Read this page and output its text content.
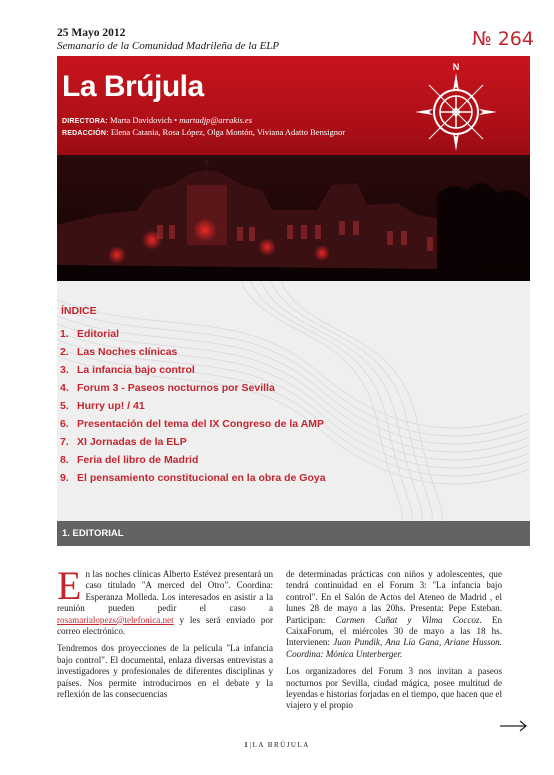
25 Mayo 2012
Semanario de la Comunidad Madrileña de la ELP	№ 264
La Brújula
DIRECTORA: Marta Davidovich • martadjp@arrakis.es
REDACCIÓN: Elena Catania, Rosa López, Olga Montón, Viviana Adatto Bensignor
N
ÍNDICE
1. Editorial
2. Las Noches clínicas
3. La infancia bajo control
4. Forum 3 - Paseos nocturnos por Sevilla
5. Hurry up! / 41
6. Presentación del tema del IX Congreso de la AMP
7. XI Jornadas de la ELP
8. Feria del libro de Madrid
9. El pensamiento constitucional en la obra de Goya
1. EDITORIAL

En las noches clínicas Alberto Estévez presentará un caso titulado "A merced del Otro". Coordina: Esperanza Molleda. Los interesados en asistir a la reunión pueden pedir el caso a rosamarialopezs@telefonica.net y les será enviado por correo electrónico.

Tendremos dos proyecciones de la película "La infancia bajo control". El documental, enlaza diversas entrevistas a investigadores y profesionales de diferentes disciplinas y países. Nos permite introducirnos en el debate y la reflexión de las consecuencias

de determinadas prácticas con niños y adolescentes, que tendrá continuidad en el Forum 3: "La infancia bajo control". En el Salón de Actos del Ateneo de Madrid , el lunes 28 de mayo a las 20hs. Presenta: Pepe Esteban. Participan: Carmen Cuñat y Vilma Coccoz. En CaixaForum, el miércoles 30 de mayo a las 18 hs. Intervienen: Juan Pundik, Ana Lía Gana, Ariane Husson. Coordina: Mónica Unterberger.

Los organizadores del Forum 3 nos invitan a paseos nocturnos por Sevilla, ciudad mágica, posee multitud de leyendas e historias forjadas en el tiempo, que hacen que el viajero y el propio

1 | LA BRÚJULA
